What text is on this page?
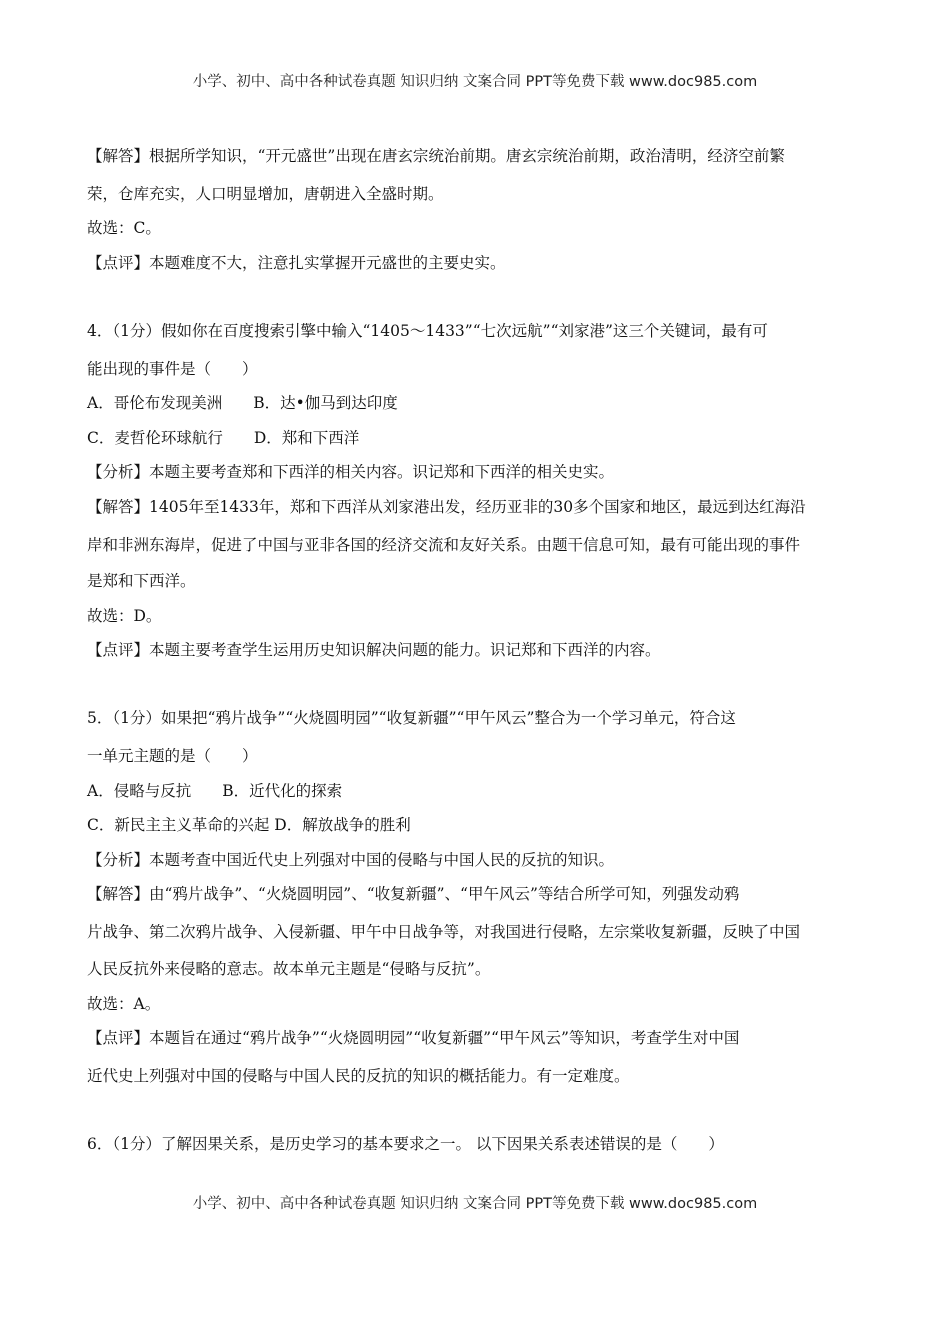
小学、初中、高中各种试卷真题 知识归纳 文案合同 PPT等免费下载 www.doc985.com
【解答】根据所学知识，“开元盛世”出现在唐玄宗统治前期。唐玄宗统治前期，政治清明，经济空前繁
荣，仓库充实，人口明显增加，唐朝进入全盛时期。
故选：C。
【点评】本题难度不大，注意扎实掌握开元盛世的主要史实。
4．（1分）假如你在百度搜索引擎中输入“1405～1433”“七次远航”“刘家港”这三个关键词，最有可
能出现的事件是（　　）
A．哥伦布发现美洲　　B．达•伽马到达印度
C．麦哲伦环球航行　　D．郑和下西洋
【分析】本题主要考查郑和下西洋的相关内容。识记郑和下西洋的相关史实。
【解答】1405年至1433年，郑和下西洋从刘家港出发，经历亚非的30多个国家和地区，最远到达红海沿
岸和非洲东海岸，促进了中国与亚非各国的经济交流和友好关系。由题干信息可知，最有可能出现的事件
是郑和下西洋。
故选：D。
【点评】本题主要考查学生运用历史知识解决问题的能力。识记郑和下西洋的内容。
5．（1分）如果把“鸦片战争”“火烧圆明园”“收复新疆”“甲午风云”整合为一个学习单元，符合这
一单元主题的是（　　）
A．侵略与反抗　　B．近代化的探索
C．新民主主义革命的兴起 D．解放战争的胜利
【分析】本题考查中国近代史上列强对中国的侵略与中国人民的反抗的知识。
【解答】由“鸦片战争”、“火烧圆明园”、“收复新疆”、“甲午风云”等结合所学可知，列强发动鸦
片战争、第二次鸦片战争、入侵新疆、甲午中日战争等，对我国进行侵略，左宗棠收复新疆，反映了中国
人民反抗外来侵略的意志。故本单元主题是“侵略与反抗”。
故选：A。
【点评】本题旨在通过“鸦片战争”“火烧圆明园”“收复新疆”“甲午风云”等知识，考查学生对中国
近代史上列强对中国的侵略与中国人民的反抗的知识的概括能力。有一定难度。
6．（1分）了解因果关系，是历史学习的基本要求之一。 以下因果关系表述错误的是（　　）
小学、初中、高中各种试卷真题 知识归纳 文案合同 PPT等免费下载 www.doc985.com
